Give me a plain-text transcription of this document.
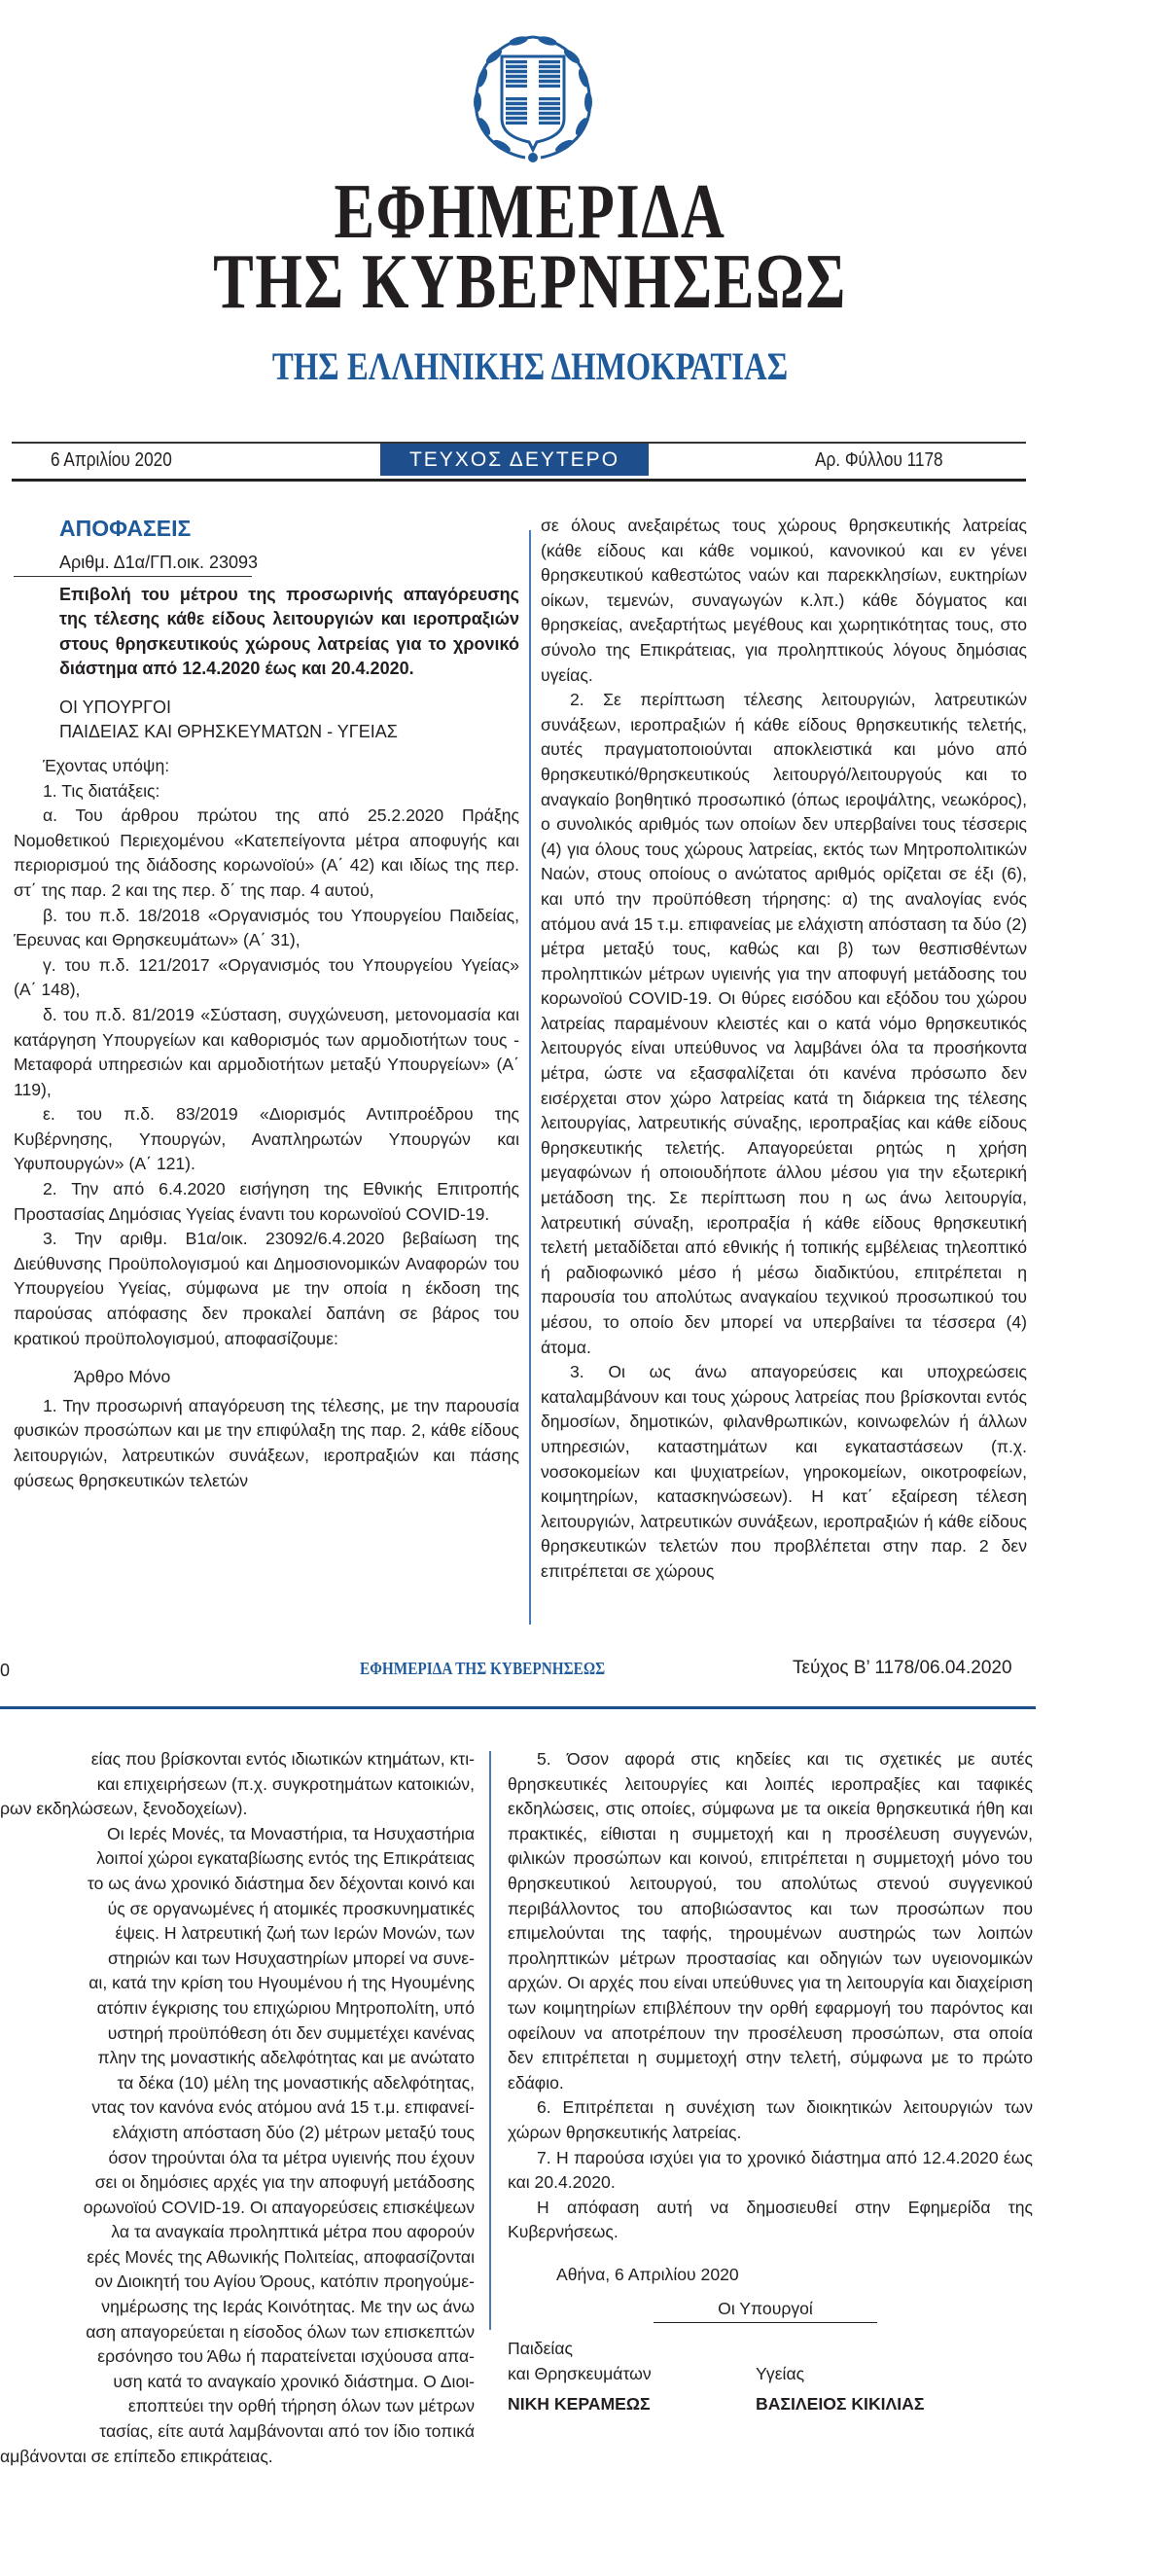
ΕΦΗΜΕΡΙΔΑ
ΤΗΣ ΚΥΒΕΡΝΗΣΕΩΣ
ΤΗΣ ΕΛΛΗΝΙΚΗΣ ΔΗΜΟΚΡΑΤΙΑΣ
6 Απριλίου 2020	ΤΕΥΧΟΣ ΔΕΥΤΕΡΟ	Αρ. Φύλλου 1178

ΑΠΟΦΑΣΕΙΣ

Αριθμ. Δ1α/ΓΠ.οικ. 23093

Επιβολή του μέτρου της προσωρινής απαγόρευσης της τέλεσης κάθε είδους λειτουργιών και ιεροπραξιών στους θρησκευτικούς χώρους λατρείας για το χρονικό διάστημα από 12.4.2020 έως και 20.4.2020.

ΟΙ ΥΠΟΥΡΓΟΙ
ΠΑΙΔΕΙΑΣ ΚΑΙ ΘΡΗΣΚΕΥΜΑΤΩΝ - ΥΓΕΙΑΣ

Έχοντας υπόψη:

1. Τις διατάξεις:

α. Του άρθρου πρώτου της από 25.2.2020 Πράξης Νομοθετικού Περιεχομένου «Κατεπείγοντα μέτρα αποφυγής και περιορισμού της διάδοσης κορωνοϊού» (Α΄ 42) και ιδίως της περ. στ΄ της παρ. 2 και της περ. δ΄ της παρ. 4 αυτού,

β. του π.δ. 18/2018 «Οργανισμός του Υπουργείου Παιδείας, Έρευνας και Θρησκευμάτων» (Α΄ 31),

γ. του π.δ. 121/2017 «Οργανισμός του Υπουργείου Υγείας» (Α΄ 148),

δ. του π.δ. 81/2019 «Σύσταση, συγχώνευση, μετονομασία και κατάργηση Υπουργείων και καθορισμός των αρμοδιοτήτων τους - Μεταφορά υπηρεσιών και αρμοδιοτήτων μεταξύ Υπουργείων» (Α΄ 119),

ε. του π.δ. 83/2019 «Διορισμός Αντιπροέδρου της Κυβέρνησης, Υπουργών, Αναπληρωτών Υπουργών και Υφυπουργών» (Α΄ 121).

2. Την από 6.4.2020 εισήγηση της Εθνικής Επιτροπής Προστασίας Δημόσιας Υγείας έναντι του κορωνοϊού COVID-19.

3. Την αριθμ. Β1α/οικ. 23092/6.4.2020 βεβαίωση της Διεύθυνσης Προϋπολογισμού και Δημοσιονομικών Αναφορών του Υπουργείου Υγείας, σύμφωνα με την οποία η έκδοση της παρούσας απόφασης δεν προκαλεί δαπάνη σε βάρος του κρατικού προϋπολογισμού, αποφασίζουμε:

Άρθρο Μόνο

1. Την προσωρινή απαγόρευση της τέλεσης, με την παρουσία φυσικών προσώπων και με την επιφύλαξη της παρ. 2, κάθε είδους λειτουργιών, λατρευτικών συνάξεων, ιεροπραξιών και πάσης φύσεως θρησκευτικών τελετών

σε όλους ανεξαιρέτως τους χώρους θρησκευτικής λατρείας (κάθε είδους και κάθε νομικού, κανονικού και εν γένει θρησκευτικού καθεστώτος ναών και παρεκκλησίων, ευκτηρίων οίκων, τεμενών, συναγωγών κ.λπ.) κάθε δόγματος και θρησκείας, ανεξαρτήτως μεγέθους και χωρητικότητας τους, στο σύνολο της Επικράτειας, για προληπτικούς λόγους δημόσιας υγείας.

2. Σε περίπτωση τέλεσης λειτουργιών, λατρευτικών συνάξεων, ιεροπραξιών ή κάθε είδους θρησκευτικής τελετής, αυτές πραγματοποιούνται αποκλειστικά και μόνο από θρησκευτικό/θρησκευτικούς λειτουργό/λειτουργούς και το αναγκαίο βοηθητικό προσωπικό (όπως ιεροψάλτης, νεωκόρος), ο συνολικός αριθμός των οποίων δεν υπερβαίνει τους τέσσερις (4) για όλους τους χώρους λατρείας, εκτός των Μητροπολιτικών Ναών, στους οποίους ο ανώτατος αριθμός ορίζεται σε έξι (6), και υπό την προϋπόθεση τήρησης: α) της αναλογίας ενός ατόμου ανά 15 τ.μ. επιφανείας με ελάχιστη απόσταση τα δύο (2) μέτρα μεταξύ τους, καθώς και β) των θεσπισθέντων προληπτικών μέτρων υγιεινής για την αποφυγή μετάδοσης του κορωνοϊού COVID-19. Οι θύρες εισόδου και εξόδου του χώρου λατρείας παραμένουν κλειστές και ο κατά νόμο θρησκευτικός λειτουργός είναι υπεύθυνος να λαμβάνει όλα τα προσήκοντα μέτρα, ώστε να εξασφαλίζεται ότι κανένα πρόσωπο δεν εισέρχεται στον χώρο λατρείας κατά τη διάρκεια της τέλεσης λειτουργίας, λατρευτικής σύναξης, ιεροπραξίας και κάθε είδους θρησκευτικής τελετής. Απαγορεύεται ρητώς η χρήση μεγαφώνων ή οποιουδήποτε άλλου μέσου για την εξωτερική μετάδοση της. Σε περίπτωση που η ως άνω λειτουργία, λατρευτική σύναξη, ιεροπραξία ή κάθε είδους θρησκευτική τελετή μεταδίδεται από εθνικής ή τοπικής εμβέλειας τηλεοπτικό ή ραδιοφωνικό μέσο ή μέσω διαδικτύου, επιτρέπεται η παρουσία του απολύτως αναγκαίου τεχνικού προσωπικού του μέσου, το οποίο δεν μπορεί να υπερβαίνει τα τέσσερα (4) άτομα.

3. Οι ως άνω απαγορεύσεις και υποχρεώσεις καταλαμβάνουν και τους χώρους λατρείας που βρίσκονται εντός δημοσίων, δημοτικών, φιλανθρωπικών, κοινωφελών ή άλλων υπηρεσιών, καταστημάτων και εγκαταστάσεων (π.χ. νοσοκομείων και ψυχιατρείων, γηροκομείων, οικοτροφείων, κοιμητηρίων, κατασκηνώσεων). Η κατ΄ εξαίρεση τέλεση λειτουργιών, λατρευτικών συνάξεων, ιεροπραξιών ή κάθε είδους θρησκευτικών τελετών που προβλέπεται στην παρ. 2 δεν επιτρέπεται σε χώρους

0	ΕΦΗΜΕΡΙΔΑ ΤΗΣ ΚΥΒΕΡΝΗΣΕΩΣ	Τεύχος Β’ 1178/06.04.2020

είας που βρίσκονται εντός ιδιωτικών κτημάτων, κτι-

και επιχειρήσεων (π.χ. συγκροτημάτων κατοικιών,

ρων εκδηλώσεων, ξενοδοχείων).

Οι Ιερές Μονές, τα Μοναστήρια, τα Ησυχαστήρια

λοιποί χώροι εγκαταβίωσης εντός της Επικράτειας

το ως άνω χρονικό διάστημα δεν δέχονται κοινό και

ύς σε οργανωμένες ή ατομικές προσκυνηματικές

έψεις. Η λατρευτική ζωή των Ιερών Μονών, των

στηριών και των Ησυχαστηρίων μπορεί να συνε-

αι, κατά την κρίση του Ηγουμένου ή της Ηγουμένης

ατόπιν έγκρισης του επιχώριου Μητροπολίτη, υπό

υστηρή προϋπόθεση ότι δεν συμμετέχει κανένας

πλην της μοναστικής αδελφότητας και με ανώτατο

τα δέκα (10) μέλη της μοναστικής αδελφότητας,

ντας τον κανόνα ενός ατόμου ανά 15 τ.μ. επιφανεί-

ελάχιστη απόσταση δύο (2) μέτρων μεταξύ τους

όσον τηρούνται όλα τα μέτρα υγιεινής που έχουν

σει οι δημόσιες αρχές για την αποφυγή μετάδοσης

ορωνοϊού COVID-19. Οι απαγορεύσεις επισκέψεων

λα τα αναγκαία προληπτικά μέτρα που αφορούν

ερές Μονές της Αθωνικής Πολιτείας, αποφασίζονται

ον Διοικητή του Αγίου Όρους, κατόπιν προηγούμε-

νημέρωσης της Ιεράς Κοινότητας. Με την ως άνω

αση απαγορεύεται η είσοδος όλων των επισκεπτών

ερσόνησο του Άθω ή παρατείνεται ισχύουσα απα-

υση κατά το αναγκαίο χρονικό διάστημα. Ο Διοι-

εποπτεύει την ορθή τήρηση όλων των μέτρων

τασίας, είτε αυτά λαμβάνονται από τον ίδιο τοπικά

αμβάνονται σε επίπεδο επικράτειας.

5. Όσον αφορά στις κηδείες και τις σχετικές με αυτές θρησκευτικές λειτουργίες και λοιπές ιεροπραξίες και ταφικές εκδηλώσεις, στις οποίες, σύμφωνα με τα οικεία θρησκευτικά ήθη και πρακτικές, είθισται η συμμετοχή και η προσέλευση συγγενών, φιλικών προσώπων και κοινού, επιτρέπεται η συμμετοχή μόνο του θρησκευτικού λειτουργού, του απολύτως στενού συγγενικού περιβάλλοντος του αποβιώσαντος και των προσώπων που επιμελούνται της ταφής, τηρουμένων αυστηρώς των λοιπών προληπτικών μέτρων προστασίας και οδηγιών των υγειονομικών αρχών. Οι αρχές που είναι υπεύθυνες για τη λειτουργία και διαχείριση των κοιμητηρίων επιβλέπουν την ορθή εφαρμογή του παρόντος και οφείλουν να αποτρέπουν την προσέλευση προσώπων, στα οποία δεν επιτρέπεται η συμμετοχή στην τελετή, σύμφωνα με το πρώτο εδάφιο.

6. Επιτρέπεται η συνέχιση των διοικητικών λειτουργιών των χώρων θρησκευτικής λατρείας.

7. Η παρούσα ισχύει για το χρονικό διάστημα από 12.4.2020 έως και 20.4.2020.

Η απόφαση αυτή να δημοσιευθεί στην Εφημερίδα της Κυβερνήσεως.

Αθήνα, 6 Απριλίου 2020

Οι Υπουργοί

Παιδείας

και Θρησκευμάτων

ΝΙΚΗ ΚΕΡΑΜΕΩΣ

Υγείας

ΒΑΣΙΛΕΙΟΣ ΚΙΚΙΛΙΑΣ
